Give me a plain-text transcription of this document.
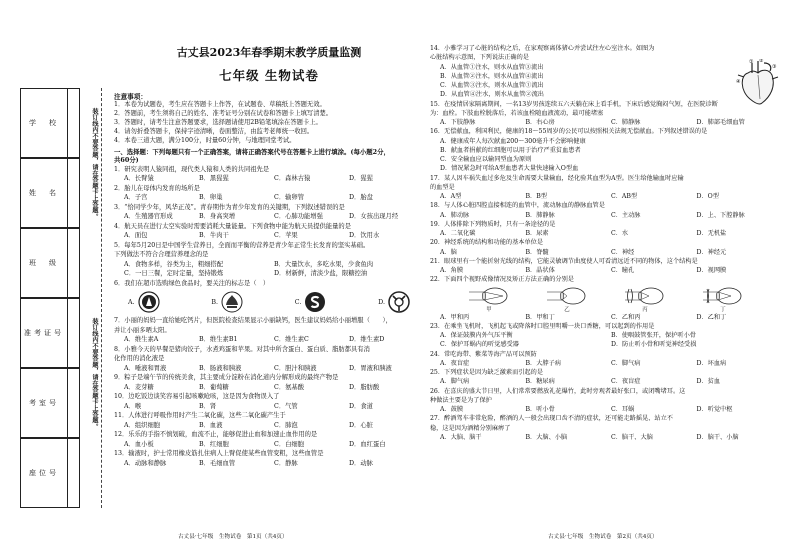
学　校
姓　名
班　级
准考证号
考室号
座位号
装订线内不要答题，请在答题卡上答题。
装订线内不要答题，请在答题卡上答题。
古丈县2023年春季期末教学质量监测
七年级 生物试卷
注意事项：
1．本卷为试题卷，考生应在答题卡上作答，在试题卷、草稿纸上答题无效。
2．答题前，考生须将自己的姓名、准考证号分别在试卷和答题卡上填写清楚。
3．答题时，请考生注意答题要求，选择题请使用2B铅笔填涂在答题卡上。
4．请勿折叠答题卡，保持字迹清晰，卷面整洁，由监考老师统一收回。
4．本卷三道大题，满分100分，时量60分钟，与地理同堂考试。
一、选择题：下列每题只有一个正确答案，请将正确答案代号在答题卡上进行填涂。(每小题2分，
共60分)
1．研究表明人猿同祖，现代类人猿和人类的共同祖先是
A．长臂猿	B．黑猩猩	C．森林古猿	D．猩猩
2．胎儿在母体内发育的场所是
A．子宫	B．卵巢	C．输卵管	D．胎盘
3．“恰同学少年，风华正茂”。青春期作为青少年发育的关键期，下列叙述错误的是
A．生殖器官形成	B．身高突增	C．心肺功能增强	D．女孩出现月经
4．航天员在进行太空实验时需要消耗大量能量。下列食物中能为航天员提供能量的是
A．面包	B．牛肉干	C．苹果	D．饮用水
5．每年5月20日是中国学生营养日，全面而平衡的营养是青少年正常生长发育的坚实基础。
下列做法不符合合理营养理念的是
A．食物多样，谷类为主，粗细搭配	B．大量饮水，多吃水果，少食鱼肉
C．一日三餐，定时定量，坚持锻炼	D．材新鲜，清淡少盐，限糖控油
6．我们在超市选购绿色食品时，要关注的标志是（　）
A.	B.	C.	D.
7．小丽的妈妈一直给她吃钙片，但医院检查结果显示小丽缺钙，医生建议妈妈给小丽增服（　　），
并让小丽多晒太阳。
A．维生素A	B．维生素B1	C．维生素C	D．维生素D
8．小雅今天的早餐是猪肉饺子，水煮鸡蛋和苹果。对其中所含蛋白、蛋白质、脂肪都具有消
化作用的消化液是
A．唾液和胃液	B．肠液和胰液	C．胆汁和胰液	D．胃液和胰液
9．粽子是端午节的传统美食，其主要成分淀粉在消化道内分解形成的最终产物是
A．麦芽糖	B．葡萄糖	C．氨基酸	D．脂肪酸
10．边吃饭边谈笑容易引起咳嗽呛咳，这是因为食物误入了
A．喉	B．肾	C．气管	D．食道
11．人体进行呼吸作用时产生二氧化碳，这些二氧化碳产生于
A．组织细胞	B．血液	C．肺泡	D．心脏
12．乐乐的手指不慎划破，血流不止，能够促进止血和加速止血作用的是
A．血小板	B．红细胞	C．白细胞	D．血红蛋白
13．输液时，护士常用橡皮筋扎住病人上臂促使某些血管变粗，这些血管是
A．动脉和静脉	B．毛细血管	C．静脉	D．动脉
14．小雅学习了心脏的结构之后，在家观察离体猪心并尝试往左心室注水。如图为
心脏结构示意图，下列说法正确的是
A．从血管①注水，则水从血管③流出
B．从血管②注水，则水从血管④流出
C．从血管③注水，则水从血管①流出
D．从血管④注水，则水从血管②流出
15．在疫情居家隔离期间，一名13岁男孩连续五六天躺在床上看手机，下床后感觉胸闷气短，在医院诊断
为：血栓。下肢血栓脱落后，若该血栓随血液流动，最可能堵塞
A．下肢静脉	B．右心房	C．肺静脉	D．肺部毛细血管
16．无偿献血，利国利民，健康的18～55周岁的公民可以按照相关法规无偿献血。下列叙述错误的是
A．健康成年人每次献血200～300毫升不会影响健康
B．献血者捐献的红细胞可以用于治疗严重贫血患者
C．安全输血应以输同型血为原则
D．情况紧急时可给A型血患者大量快速输入O型血
17．某人因车祸失血过多危及生命需要大量输血，经化验其血型为A型。医生给他输血时应输
的血型是
A．A型	B．B型	C．AB型	D．O型
18．与人体心脏四腔直接相连的血管中，流动脉血的静脉血管是
A．肺动脉	B．肺静脉	C．主动脉	D．上、下腔静脉
19．人体排除下列物质时，只有一条途径的是
A．二氧化碳	B．尿素	C．水	D．无机盐
20．神经系统的结构和功能的基本单位是
A．脑	B．脊髓	C．神经	D．神经元
21．眼球里有一个能折射光线的结构，它能灵敏调节曲度使人可看清远近不同的物体，这个结构是
A．角膜	B．晶状体	C．瞳孔	D．视网膜
22．下面四个视野成像情况及矫正方法正确的分别是
甲	乙	丙	丁
A．甲和丙	B．甲和丁	C．乙和丙	D．乙和丁
23．在乘坐飞机时，飞机起飞或降落时口腔里明嚼一块口香糖，可以起到的作用是
A．保证鼓膜内外气压平衡	B．使咽鼓管张开，保护听小骨
C．保护耳蜗内的听觉感受器	D．防止听小骨和听觉神经受损
24．常吃海带、紫菜等海产品可以预防
A．夜盲症	B．大脖子病	C．脚气病	D．坏血病
25．下列症状是因为缺乏激素而引起的是
A．脚气病	B．糖尿病	C．夜盲症	D．贫血
26．在喜庆的盛大节日里，人们常常要燃放礼花爆竹，此时旁观者最好张口，或闭嘴堵耳。这
种做法主要是为了保护
A．鼓膜	B．听小骨	C．耳蜗	D．听觉中枢
27．醉酒驾车非常危险，醉酒的人一般会出现口齿不清的症状，还可能走路摇晃、站立不
稳，这是因为酒精分别麻痹了
A．大脑、脑干	B．大脑、小脑	C．脑干、大脑	D．脑干、小脑
① ②
③
④
古丈县·七年级　生物试卷　第1页（共4页）	古丈县·七年级　生物试卷　第2页（共4页）
